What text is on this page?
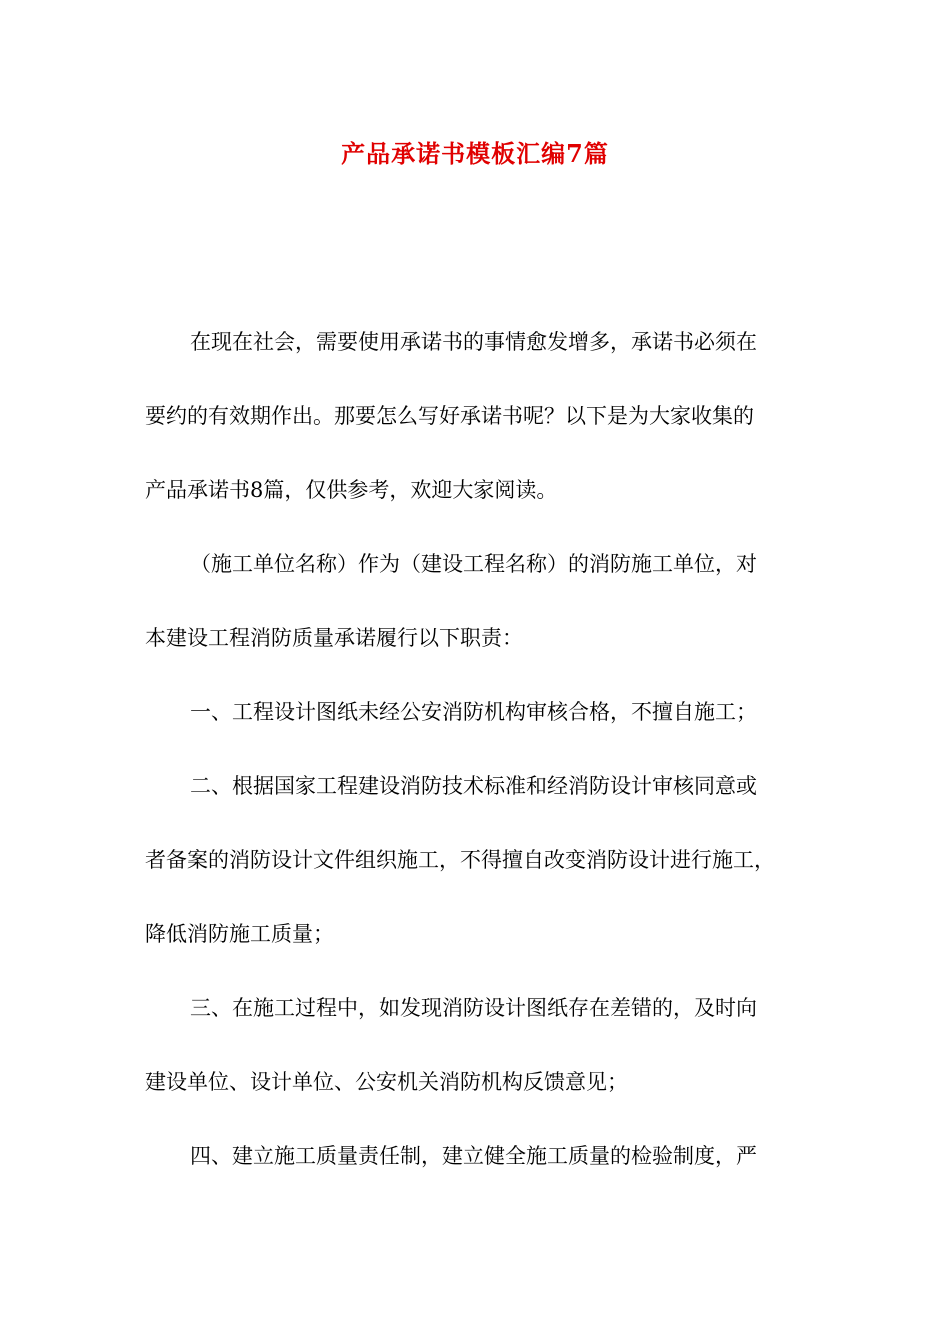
产品承诺书模板汇编7篇
在现在社会，需要使用承诺书的事情愈发增多，承诺书必须在
要约的有效期作出。那要怎么写好承诺书呢？以下是为大家收集的
产品承诺书8篇，仅供参考，欢迎大家阅读。
（施工单位名称）作为（建设工程名称）的消防施工单位，对
本建设工程消防质量承诺履行以下职责：
一、工程设计图纸未经公安消防机构审核合格，不擅自施工；
二、根据国家工程建设消防技术标准和经消防设计审核同意或
者备案的消防设计文件组织施工，不得擅自改变消防设计进行施工，
降低消防施工质量；
三、在施工过程中，如发现消防设计图纸存在差错的，及时向
建设单位、设计单位、公安机关消防机构反馈意见；
四、建立施工质量责任制，建立健全施工质量的检验制度，严
